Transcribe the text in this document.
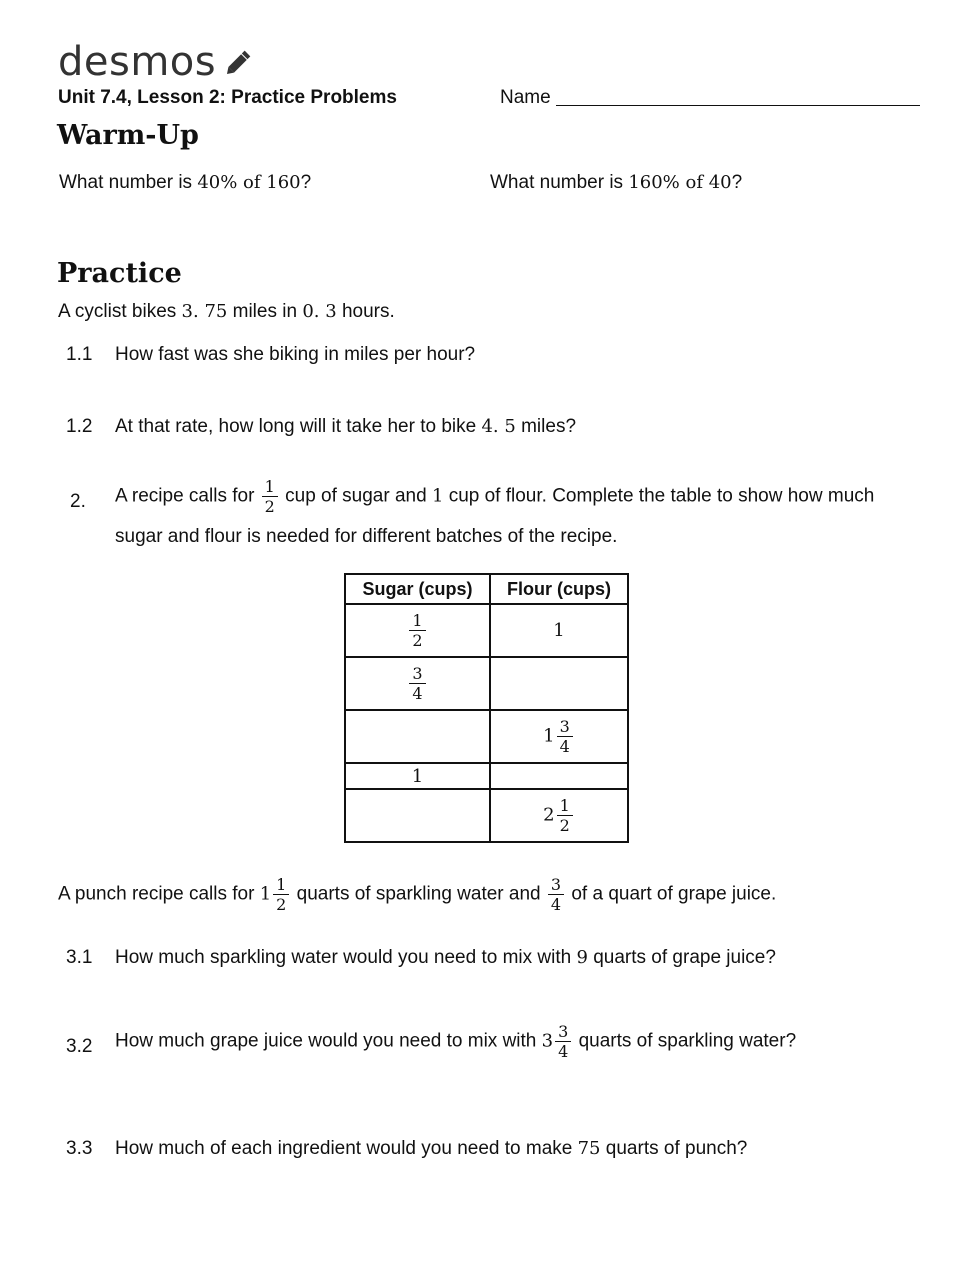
desmos
Unit 7.4, Lesson 2: Practice Problems	Name
Warm-Up
What number is 40% of 160?	What number is 160% of 40?
Practice
A cyclist bikes 3. 75 miles in 0. 3 hours.
1.1 How fast was she biking in miles per hour?
1.2 At that rate, how long will it take her to bike 4. 5 miles?
2. A recipe calls for $\frac{1}{2}$ cup of sugar and 1 cup of flour. Complete the table to show how much
sugar and flour is needed for different batches of the recipe.
Sugar (cups)	Flour (cups)

$\frac{1}{2}$	1

$\frac{3}{4}$

	$1 \frac{3}{4}$

1	
	$2 \frac{1}{2}$
A punch recipe calls for $1 \frac{1}{2}$ quarts of sparkling water and $\frac{3}{4}$ of a quart of grape juice.
3.1 How much sparkling water would you need to mix with 9 quarts of grape juice?
3.2 How much grape juice would you need to mix with $3 \frac{3}{4}$ quarts of sparkling water?
3.3 How much of each ingredient would you need to make 75 quarts of punch?
